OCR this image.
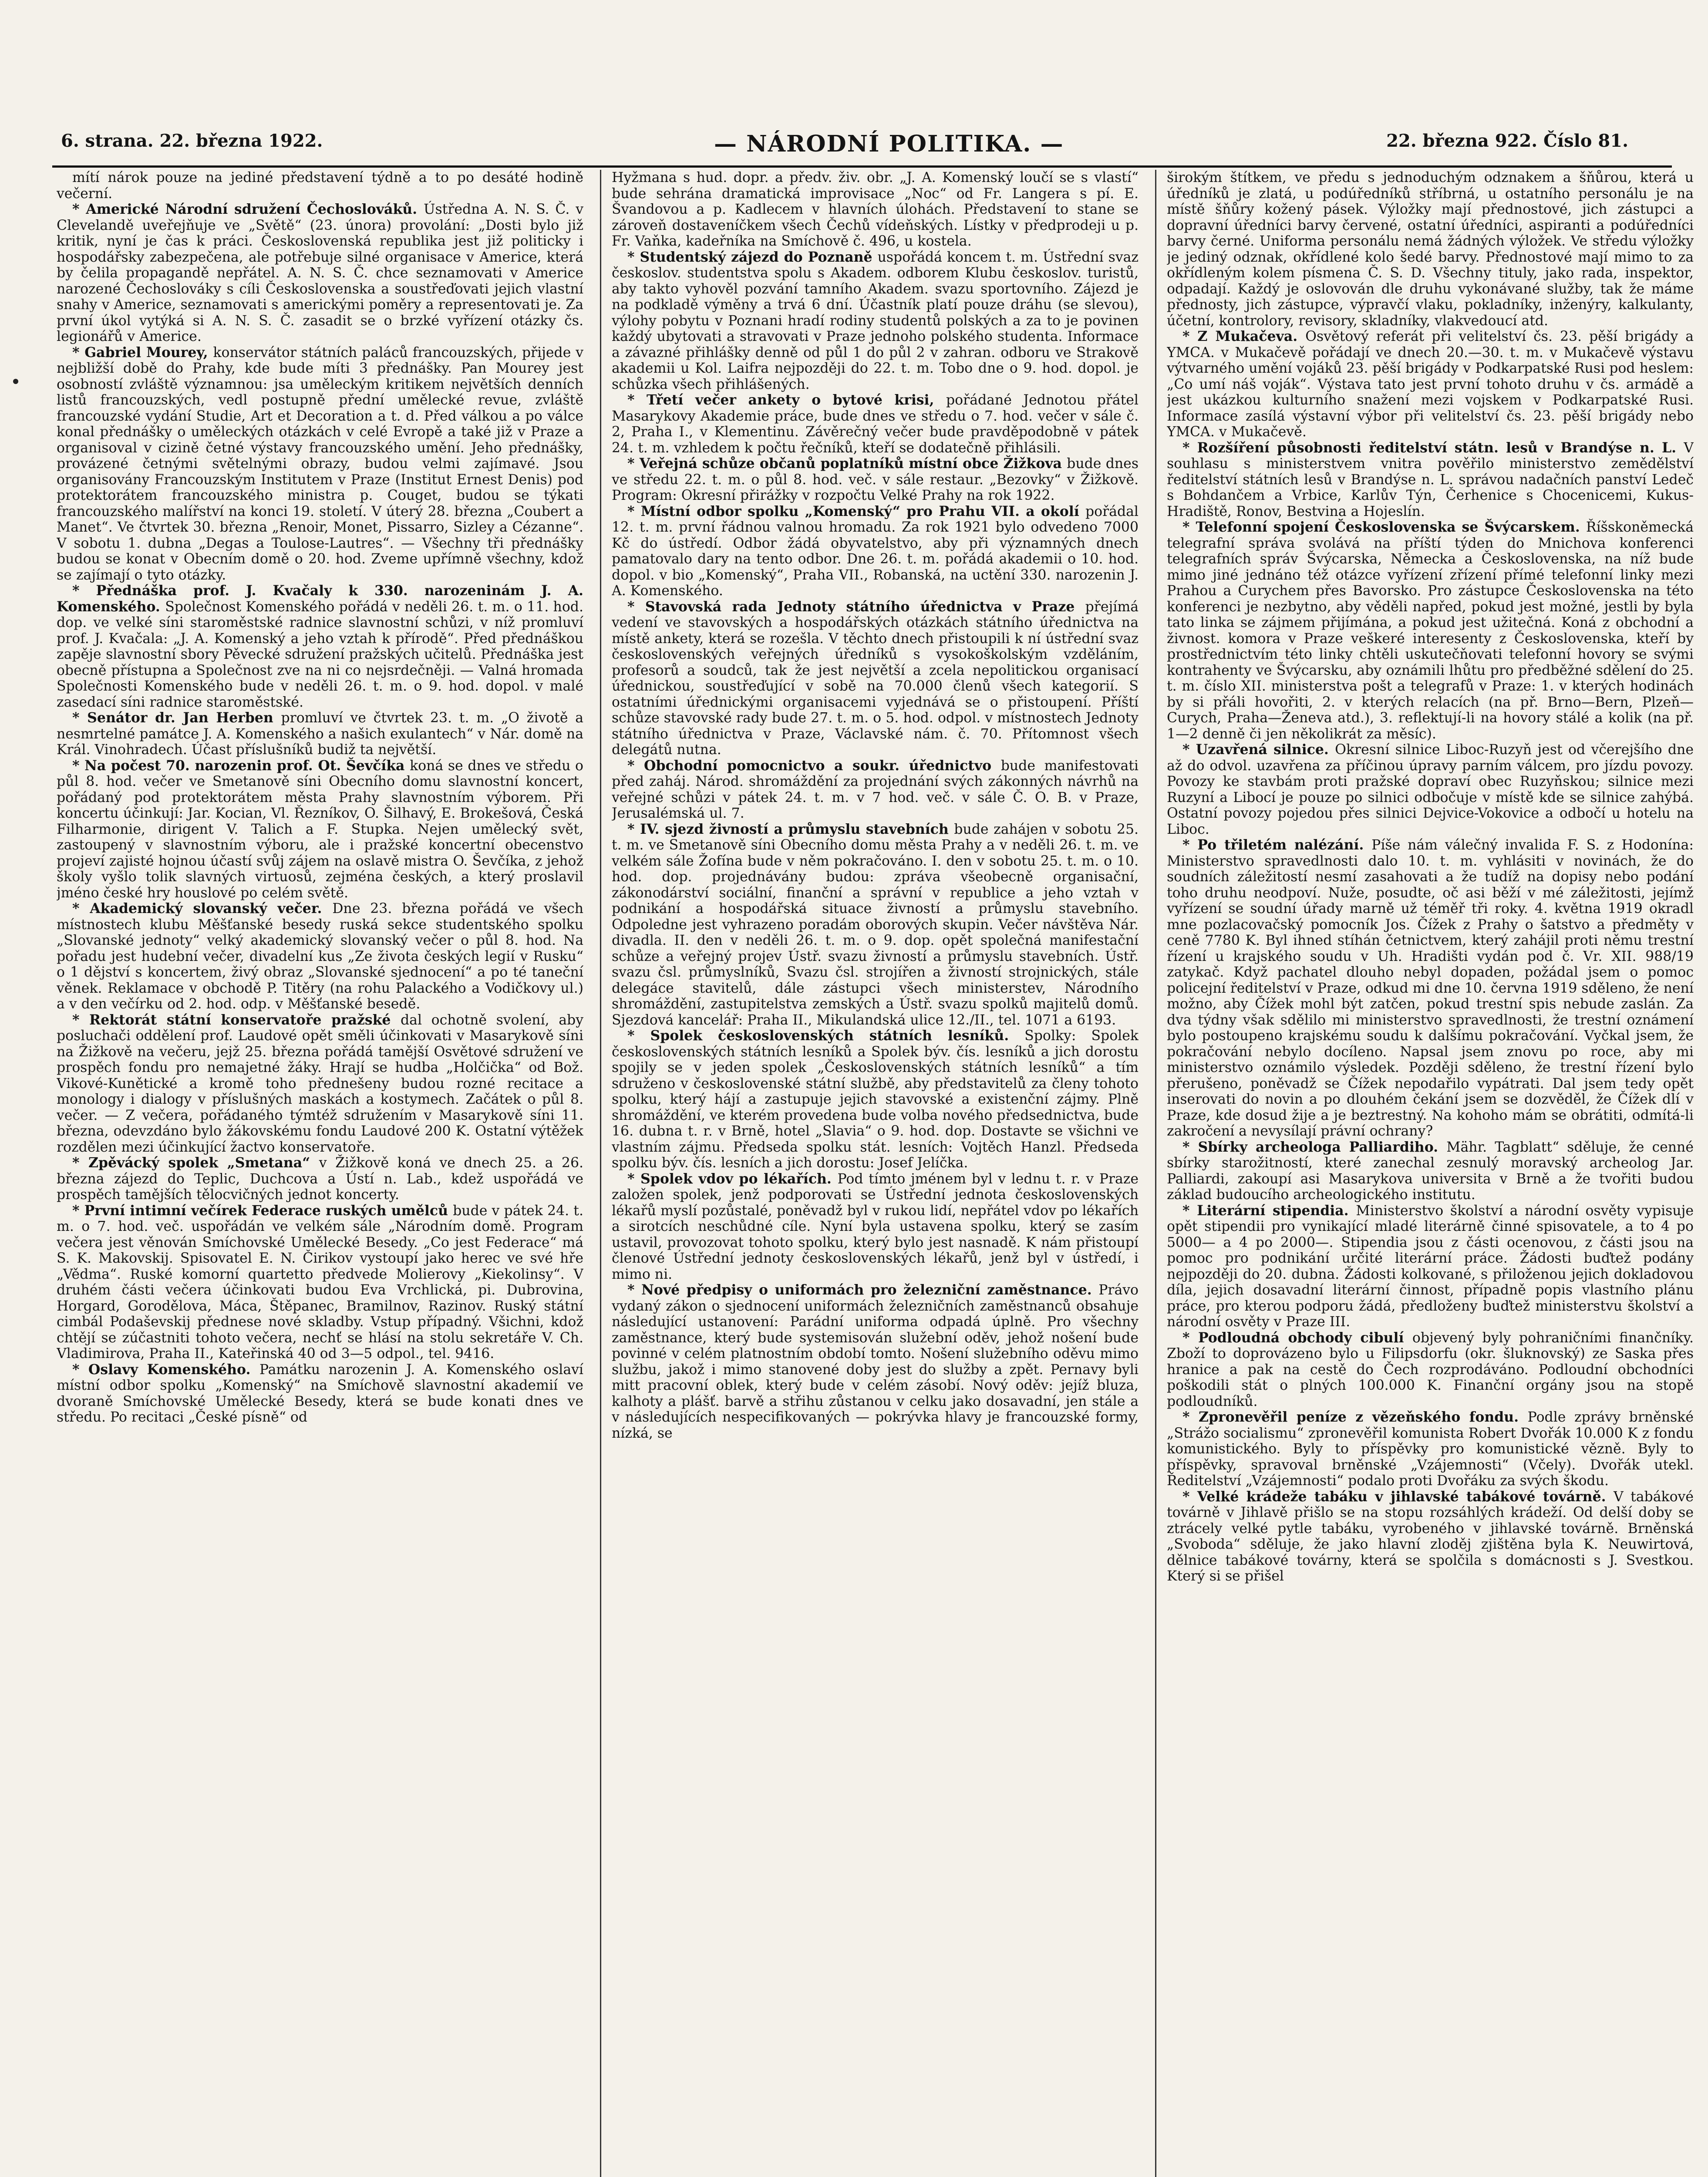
6. strana. 22. března 1922.	— NÁRODNÍ POLITIKA. —	22. března 922. Číslo 81.

mítí nárok pouze na jediné představení týdně a to po desáté hodině večerní.

* Americké Národní sdružení Čechoslováků. Ústředna A. N. S. Č. v Clevelandě uveřejňuje ve „Světě“ (23. února) provolání: „Dosti bylo již kritik, nyní je čas k práci. Československá republika jest již politicky i hospodářsky zabezpečena, ale potřebuje silné organisace v Americe, která by čelila propagandě nepřátel. A. N. S. Č. chce seznamovati v Americe narozené Čechoslováky s cíli Československa a soustřeďovati jejich vlastní snahy v Americe, seznamovati s americkými poměry a representovati je. Za první úkol vytýká si A. N. S. Č. zasadit se o brzké vyřízení otázky čs. legionářů v Americe.

* Gabriel Mourey, konservátor státních paláců francouzských, přijede v nejbližší době do Prahy, kde bude míti 3 přednášky. Pan Mourey jest osobností zvláště významnou: jsa uměleckým kritikem největších denních listů francouzských, vedl postupně přední umělecké revue, zvláště francouzské vydání Studie, Art et Decoration a t. d. Před válkou a po válce konal přednášky o uměleckých otázkách v celé Evropě a také již v Praze a organisoval v cizině četné výstavy francouzského umění. Jeho přednášky, provázené četnými světelnými obrazy, budou velmi zajímavé. Jsou organisovány Francouzským Institutem v Praze (Institut Ernest Denis) pod protektorátem francouzského ministra p. Couget, budou se týkati francouzského malířství na konci 19. století. V úterý 28. března „Coubert a Manet“. Ve čtvrtek 30. března „Renoir, Monet, Pissarro, Sizley a Cézanne“. V sobotu 1. dubna „Degas a Toulose-Lautres“. — Všechny tři přednášky budou se konat v Obecním domě o 20. hod. Zveme upřímně všechny, kdož se zajímají o tyto otázky.

* Přednáška prof. J. Kvačaly k 330. narozeninám J. A. Komenského. Společnost Komenského pořádá v neděli 26. t. m. o 11. hod. dop. ve velké síni staroměstské radnice slavnostní schůzi, v níž promluví prof. J. Kvačala: „J. A. Komenský a jeho vztah k přírodě“. Před přednáškou zapěje slavnostní sbory Pěvecké sdružení pražských učitelů. Přednáška jest obecně přístupna a Společnost zve na ni co nejsrdečněji. — Valná hromada Společnosti Komenského bude v neděli 26. t. m. o 9. hod. dopol. v malé zasedací síni radnice staroměstské.

* Senátor dr. Jan Herben promluví ve čtvrtek 23. t. m. „O životě a nesmrtelné památce J. A. Komenského a našich exulantech“ v Nár. domě na Král. Vinohradech. Účast příslušníků budiž ta největší.

* Na počest 70. narozenin prof. Ot. Ševčíka koná se dnes ve středu o půl 8. hod. večer ve Smetanově síni Obecního domu slavnostní koncert, pořádaný pod protektorátem města Prahy slavnostním výborem. Při koncertu účinkují: Jar. Kocian, Vl. Řezníkov, O. Šilhavý, E. Brokešová, Česká Filharmonie, dirigent V. Talich a F. Stupka. Nejen umělecký svět, zastoupený v slavnostním výboru, ale i pražské koncertní obecenstvo projeví zajisté hojnou účastí svůj zájem na oslavě mistra O. Ševčíka, z jehož školy vyšlo tolik slavných virtuosů, zejména českých, a který proslavil jméno české hry houslové po celém světě.

* Akademický slovanský večer. Dne 23. března pořádá ve všech místnostech klubu Měšťanské besedy ruská sekce studentského spolku „Slovanské jednoty“ velký akademický slovanský večer o půl 8. hod. Na pořadu jest hudební večer, divadelní kus „Ze života českých legií v Rusku“ o 1 dějství s koncertem, živý obraz „Slovanské sjednocení“ a po té taneční věnek. Reklamace v obchodě P. Titěry (na rohu Palackého a Vodičkovy ul.) a v den večírku od 2. hod. odp. v Měšťanské besedě.

* Rektorát státní konservatoře pražské dal ochotně svolení, aby posluchači oddělení prof. Laudové opět směli účinkovati v Masarykově síni na Žižkově na večeru, jejž 25. března pořádá tamější Osvětové sdružení ve prospěch fondu pro nemajetné žáky. Hrají se hudba „Holčička“ od Bož. Vikové-Kunětické a kromě toho přednešeny budou rozné recitace a monology i dialogy v příslušných maskách a kostymech. Začátek o půl 8. večer. — Z večera, pořádaného týmtéž sdružením v Masarykově síni 11. března, odevzdáno bylo žákovskému fondu Laudové 200 K. Ostatní výtěžek rozdělen mezi účinkující žactvo konservatoře.

* Zpěvácký spolek „Smetana“ v Žižkově koná ve dnech 25. a 26. března zájezd do Teplic, Duchcova a Ústí n. Lab., kdež uspořádá ve prospěch tamějších tělocvičných jednot koncerty.

* První intimní večírek Federace ruských umělců bude v pátek 24. t. m. o 7. hod. več. uspořádán ve velkém sále „Národním domě. Program večera jest věnován Smíchovské Umělecké Besedy. „Co jest Federace“ má S. K. Makovskij. Spisovatel E. N. Čirikov vystoupí jako herec ve své hře „Vědma“. Ruské komorní quartetto předvede Molierovy „Kiekolinsy“. V druhém části večera účinkovati budou Eva Vrchlická, pi. Dubrovina, Horgard, Gorodělova, Máca, Štěpanec, Bramilnov, Razinov. Ruský státní cimbál Podaševskij přednese nové skladby. Vstup případný. Všichni, kdož chtějí se zúčastniti tohoto večera, nechť se hlásí na stolu sekretáře V. Ch. Vladimirova, Praha II., Kateřinská 40 od 3—5 odpol., tel. 9416.

* Oslavy Komenského. Památku narozenin J. A. Komenského oslaví místní odbor spolku „Komenský“ na Smíchově slavnostní akademií ve dvoraně Smíchovské Umělecké Besedy, která se bude konati dnes ve středu. Po recitaci „České písně“ od

Hyžmana s hud. dopr. a předv. živ. obr. „J. A. Komenský loučí se s vlastí“ bude sehrána dramatická improvisace „Noc“ od Fr. Langera s pí. E. Švandovou a p. Kadlecem v hlavních úlohách. Představení to stane se zároveň dostaveníčkem všech Čechů vídeňských. Lístky v předprodeji u p. Fr. Vaňka, kadeřníka na Smíchově č. 496, u kostela.

* Studentský zájezd do Poznaně uspořádá koncem t. m. Ústřední svaz českoslov. studentstva spolu s Akadem. odborem Klubu českoslov. turistů, aby takto vyhověl pozvání tamního Akadem. svazu sportovního. Zájezd je na podkladě výměny a trvá 6 dní. Účastník platí pouze dráhu (se slevou), výlohy pobytu v Poznani hradí rodiny studentů polských a za to je povinen každý ubytovati a stravovati v Praze jednoho polského studenta. Informace a závazné přihlášky denně od půl 1 do půl 2 v zahran. odboru ve Strakově akademii u Kol. Laifra nejpozději do 22. t. m. Tobo dne o 9. hod. dopol. je schůzka všech přihlášených.

* Třetí večer ankety o bytové krisi, pořádané Jednotou přátel Masarykovy Akademie práce, bude dnes ve středu o 7. hod. večer v sále č. 2, Praha I., v Klementinu. Závěrečný večer bude pravděpodobně v pátek 24. t. m. vzhledem k počtu řečníků, kteří se dodatečně přihlásili.

* Veřejná schůze občanů poplatníků místní obce Žižkova bude dnes ve středu 22. t. m. o půl 8. hod. več. v sále restaur. „Bezovky“ v Žižkově. Program: Okresní přirážky v rozpočtu Velké Prahy na rok 1922.

* Místní odbor spolku „Komenský“ pro Prahu VII. a okolí pořádal 12. t. m. první řádnou valnou hromadu. Za rok 1921 bylo odvedeno 7000 Kč do ústředí. Odbor žádá obyvatelstvo, aby při významných dnech pamatovalo dary na tento odbor. Dne 26. t. m. pořádá akademii o 10. hod. dopol. v bio „Komenský“, Praha VII., Robanská, na uctění 330. narozenin J. A. Komenského.

* Stavovská rada Jednoty státního úřednictva v Praze přejímá vedení ve stavovských a hospodářských otázkách státního úřednictva na místě ankety, která se rozešla. V těchto dnech přistoupili k ní ústřední svaz československých veřejných úředníků s vysokoškolským vzděláním, profesorů a soudců, tak že jest největší a zcela nepolitickou organisací úřednickou, soustřeďující v sobě na 70.000 členů všech kategorií. S ostatními úřednickými organisacemi vyjednává se o přistoupení. Příští schůze stavovské rady bude 27. t. m. o 5. hod. odpol. v místnostech Jednoty státního úřednictva v Praze, Václavské nám. č. 70. Přítomnost všech delegátů nutna.

* Obchodní pomocnictvo a soukr. úřednictvo bude manifestovati před zaháj. Národ. shromáždění za projednání svých zákonných návrhů na veřejné schůzi v pátek 24. t. m. v 7 hod. več. v sále Č. O. B. v Praze, Jerusalémská ul. 7.

* IV. sjezd živností a průmyslu stavebních bude zahájen v sobotu 25. t. m. ve Smetanově síni Obecního domu města Prahy a v neděli 26. t. m. ve velkém sále Žofína bude v něm pokračováno. I. den v sobotu 25. t. m. o 10. hod. dop. projednávány budou: zpráva všeobecně organisační, zákonodárství sociální, finanční a správní v republice a jeho vztah v podnikání a hospodářská situace živností a průmyslu stavebního. Odpoledne jest vyhrazeno poradám oborových skupin. Večer návštěva Nár. divadla. II. den v neděli 26. t. m. o 9. dop. opět společná manifestační schůze a veřejný projev Ústř. svazu živností a průmyslu stavebních. Ústř. svazu čsl. průmyslníků, Svazu čsl. strojířen a živností strojnických, stále delegáce stavitelů, dále zástupci všech ministerstev, Národního shromáždění, zastupitelstva zemských a Ústř. svazu spolků majitelů domů. Sjezdová kancelář: Praha II., Mikulandská ulice 12./II., tel. 1071 a 6193.

* Spolek československých státních lesníků. Spolky: Spolek československých státních lesníků a Spolek býv. čís. lesníků a jich dorostu spojily se v jeden spolek „Československých státních lesníků“ a tím sdruženo v československé státní službě, aby představitelů za členy tohoto spolku, který hájí a zastupuje jejich stavovské a existenční zájmy. Plně shromáždění, ve kterém provedena bude volba nového předsednictva, bude 16. dubna t. r. v Brně, hotel „Slavia“ o 9. hod. dop. Dostavte se všichni ve vlastním zájmu. Předseda spolku stát. lesních: Vojtěch Hanzl. Předseda spolku býv. čís. lesních a jich dorostu: Josef Jelíčka.

* Spolek vdov po lékařích. Pod tímto jménem byl v lednu t. r. v Praze založen spolek, jenž podporovati se Ústřední jednota československých lékařů myslí pozůstalé, poněvadž byl v rukou lidí, nepřátel vdov po lékařích a sirotcích neschůdné cíle. Nyní byla ustavena spolku, který se zasím ustavil, provozovat tohoto spolku, který bylo jest nasnadě. K nám přistoupí členové Ústřední jednoty československých lékařů, jenž byl v ústředí, i mimo ni.

* Nové předpisy o uniformách pro železniční zaměstnance. Právo vydaný zákon o sjednocení uniformách železničních zaměstnanců obsahuje následující ustanovení: Parádní uniforma odpadá úplně. Pro všechny zaměstnance, který bude systemisován služební oděv, jehož nošení bude povinné v celém platnostním období tomto. Nošení služebního oděvu mimo službu, jakož i mimo stanovené doby jest do služby a zpět. Pernavy byli mitt pracovní oblek, který bude v celém zásobí. Nový oděv: jejíž bluza, kalhoty a plášť. barvě a střihu zůstanou v celku jako dosavadní, jen stále a v následujících nespecifikovaných — pokrývka hlavy je francouzské formy, nízká, se

širokým štítkem, ve předu s jednoduchým odznakem a šňůrou, která u úředníků je zlatá, u podúředníků stříbrná, u ostatního personálu je na místě šňůry kožený pásek. Výložky mají přednostové, jich zástupci a dopravní úředníci barvy červené, ostatní úředníci, aspiranti a podúředníci barvy černé. Uniforma personálu nemá žádných výložek. Ve středu výložky je jediný odznak, okřídlené kolo šedé barvy. Přednostové mají mimo to za okřídleným kolem písmena Č. S. D. Všechny tituly, jako rada, inspektor, odpadají. Každý je oslovován dle druhu vykonávané služby, tak že máme přednosty, jich zástupce, výpravčí vlaku, pokladníky, inženýry, kalkulanty, účetní, kontrolory, revisory, skladníky, vlakvedoucí atd.

* Z Mukačeva. Osvětový referát při velitelství čs. 23. pěší brigády a YMCA. v Mukačevě pořádají ve dnech 20.—30. t. m. v Mukačevě výstavu výtvarného umění vojáků 23. pěší brigády v Podkarpatské Rusi pod heslem: „Co umí náš voják“. Výstava tato jest první tohoto druhu v čs. armádě a jest ukázkou kulturního snažení mezi vojskem v Podkarpatské Rusi. Informace zasílá výstavní výbor při velitelství čs. 23. pěší brigády nebo YMCA. v Mukačevě.

* Rozšíření působnosti ředitelství státn. lesů v Brandýse n. L. V souhlasu s ministerstvem vnitra pověřilo ministerstvo zemědělství ředitelství státních lesů v Brandýse n. L. správou nadačních panství Ledeč s Bohdančem a Vrbice, Karlův Týn, Čerhenice s Chocenicemi, Kukus-Hradiště, Ronov, Bestvina a Hojeslín.

* Telefonní spojení Československa se Švýcarskem. Říšskoněmecká telegrafní správa svolává na příští týden do Mnichova konferenci telegrafních správ Švýcarska, Německa a Československa, na níž bude mimo jiné jednáno též otázce vyřízení zřízení přímé telefonní linky mezi Prahou a Curychem přes Bavorsko. Pro zástupce Československa na této konferenci je nezbytno, aby věděli napřed, pokud jest možné, jestli by byla tato linka se zájmem přijímána, a pokud jest užitečná. Koná z obchodní a živnost. komora v Praze veškeré interesenty z Československa, kteří by prostřednictvím této linky chtěli uskutečňovati telefonní hovory se svými kontrahenty ve Švýcarsku, aby oznámili lhůtu pro předběžné sdělení do 25. t. m. číslo XII. ministerstva pošt a telegrafů v Praze: 1. v kterých hodinách by si přáli hovořiti, 2. v kterých relacích (na př. Brno—Bern, Plzeň—Curych, Praha—Ženeva atd.), 3. reflektují-li na hovory stálé a kolik (na př. 1—2 denně či jen několikrát za měsíc).

* Uzavřená silnice. Okresní silnice Liboc-Ruzyň jest od včerejšího dne až do odvol. uzavřena za příčinou úpravy parním válcem, pro jízdu povozy. Povozy ke stavbám proti pražské dopraví obec Ruzyňskou; silnice mezi Ruzyní a Libocí je pouze po silnici odbočuje v místě kde se silnice zahýbá. Ostatní povozy pojedou přes silnici Dejvice-Vokovice a odbočí u hotelu na Liboc.

* Po třiletém nalézání. Píše nám válečný invalida F. S. z Hodonína: Ministerstvo spravedlnosti dalo 10. t. m. vyhlásiti v novinách, že do soudních záležitostí nesmí zasahovati a že tudíž na dopisy nebo podání toho druhu neodpoví. Nuže, posudte, oč asi běží v mé záležitosti, jejímž vyřízení se soudní úřady marně už téměř tři roky. 4. května 1919 okradl mne pozlacovačský pomocník Jos. Čížek z Prahy o šatstvo a předměty v ceně 7780 K. Byl ihned stíhán četnictvem, který zahájil proti němu trestní řízení u krajského soudu v Uh. Hradišti vydán pod č. Vr. XII. 988/19 zatykač. Když pachatel dlouho nebyl dopaden, požádal jsem o pomoc policejní ředitelství v Praze, odkud mi dne 10. června 1919 sděleno, že není možno, aby Čížek mohl být zatčen, pokud trestní spis nebude zaslán. Za dva týdny však sdělilo mi ministerstvo spravedlnosti, že trestní oznámení bylo postoupeno krajskému soudu k dalšímu pokračování. Vyčkal jsem, že pokračování nebylo docíleno. Napsal jsem znovu po roce, aby mi ministerstvo oznámilo výsledek. Později sděleno, že trestní řízení bylo přerušeno, poněvadž se Čížek nepodařilo vypátrati. Dal jsem tedy opět inserovati do novin a po dlouhém čekání jsem se dozvěděl, že Čížek dlí v Praze, kde dosud žije a je beztrestný. Na kohoho mám se obrátiti, odmítá-li zakročení a nevysílají právní ochrany?

* Sbírky archeologa Palliardiho. Mähr. Tagblatt“ sděluje, že cenné sbírky starožitností, které zanechal zesnulý moravský archeolog Jar. Palliardi, zakoupí asi Masarykova universita v Brně a že tvořiti budou základ budoucího archeologického institutu.

* Literární stipendia. Ministerstvo školství a národní osvěty vypisuje opět stipendii pro vynikající mladé literárně činné spisovatele, a to 4 po 5000— a 4 po 2000—. Stipendia jsou z části ocenovou, z části jsou na pomoc pro podnikání určité literární práce. Žádosti buďtež podány nejpozději do 20. dubna. Žádosti kolkované, s přiloženou jejich dokladovou díla, jejich dosavadní literární činnost, případně popis vlastního plánu práce, pro kterou podporu žádá, předloženy buďtež ministerstvu školství a národní osvěty v Praze III.

* Podloudná obchody cibulí objevený byly pohraničními finančníky. Zboží to doprovázeno bylo u Filipsdorfu (okr. šluknovský) ze Saska přes hranice a pak na cestě do Čech rozprodáváno. Podloudní obchodníci poškodili stát o plných 100.000 K. Finanční orgány jsou na stopě podloudníků.

* Zpronevěřil peníze z vězeňského fondu. Podle zprávy brněnské „Strážo socialismu“ zpronevěřil komunista Robert Dvořák 10.000 K z fondu komunistického. Byly to příspěvky pro komunistické vězně. Byly to příspěvky, spravoval brněnské „Vzájemnosti“ (Včely). Dvořák utekl. Ředitelství „Vzájemnosti“ podalo proti Dvořáku za svých škodu.

* Velké krádeže tabáku v jihlavské tabákové továrně. V tabákové továrně v Jihlavě přišlo se na stopu rozsáhlých krádeží. Od delší doby se ztrácely velké pytle tabáku, vyrobeného v jihlavské továrně. Brněnská „Svoboda“ sděluje, že jako hlavní zloděj zjištěna byla K. Neuwirtová, dělnice tabákové továrny, která se spolčila s domácnosti s J. Svestkou. Který si se přišel
